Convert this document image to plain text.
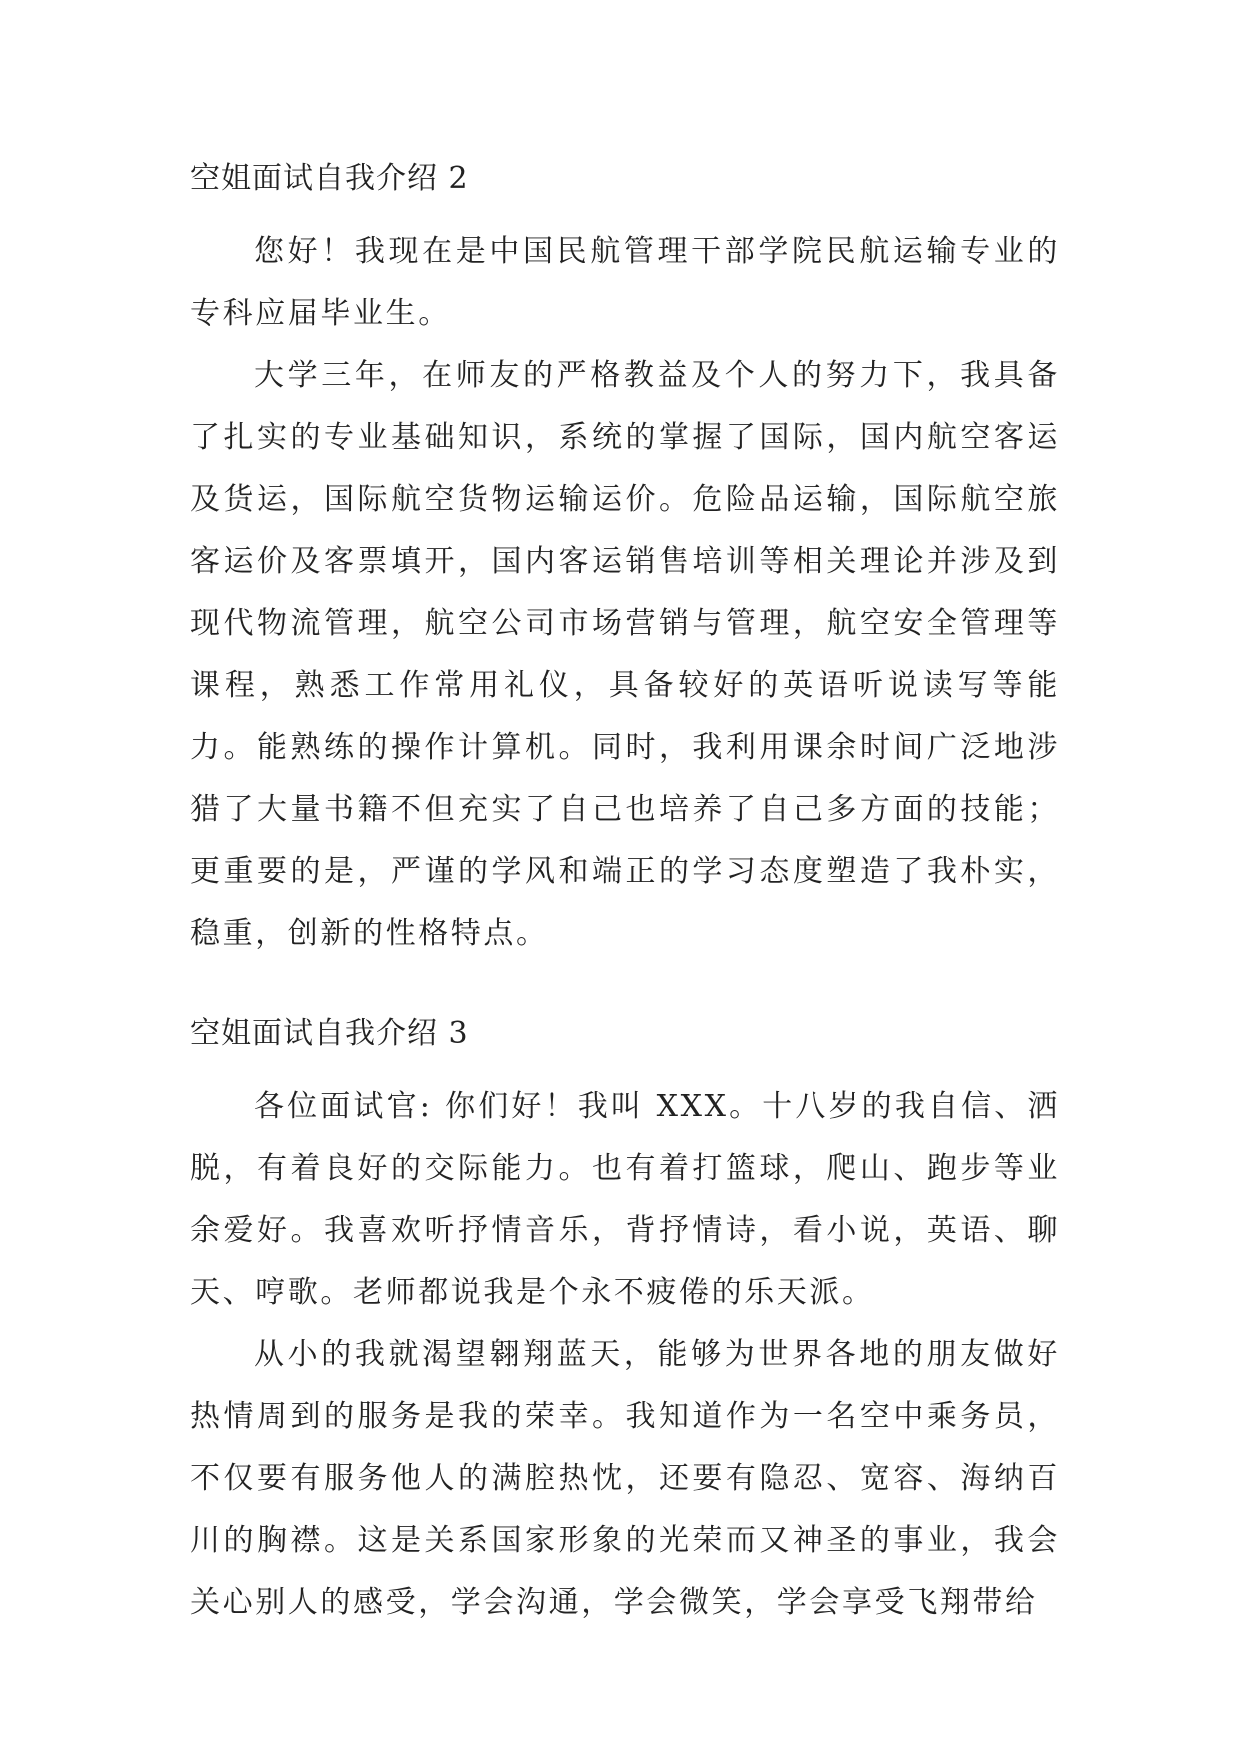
空姐面试自我介绍 2

您好！我现在是中国民航管理干部学院民航运输专业的专科应届毕业生。

大学三年，在师友的严格教益及个人的努力下，我具备了扎实的专业基础知识，系统的掌握了国际，国内航空客运及货运，国际航空货物运输运价。危险品运输，国际航空旅客运价及客票填开，国内客运销售培训等相关理论并涉及到现代物流管理，航空公司市场营销与管理，航空安全管理等课程，熟悉工作常用礼仪，具备较好的英语听说读写等能力。能熟练的操作计算机。同时，我利用课余时间广泛地涉猎了大量书籍不但充实了自己也培养了自己多方面的技能；更重要的是，严谨的学风和端正的学习态度塑造了我朴实，稳重，创新的性格特点。

空姐面试自我介绍 3

各位面试官: 你们好！我叫 XXX。十八岁的我自信、洒脱，有着良好的交际能力。也有着打篮球，爬山、跑步等业余爱好。我喜欢听抒情音乐，背抒情诗，看小说，英语、聊天、哼歌。老师都说我是个永不疲倦的乐天派。

从小的我就渴望翱翔蓝天，能够为世界各地的朋友做好热情周到的服务是我的荣幸。我知道作为一名空中乘务员，不仅要有服务他人的满腔热忱，还要有隐忍、宽容、海纳百川的胸襟。这是关系国家形象的光荣而又神圣的事业，我会关心别人的感受，学会沟通，学会微笑，学会享受飞翔带给
